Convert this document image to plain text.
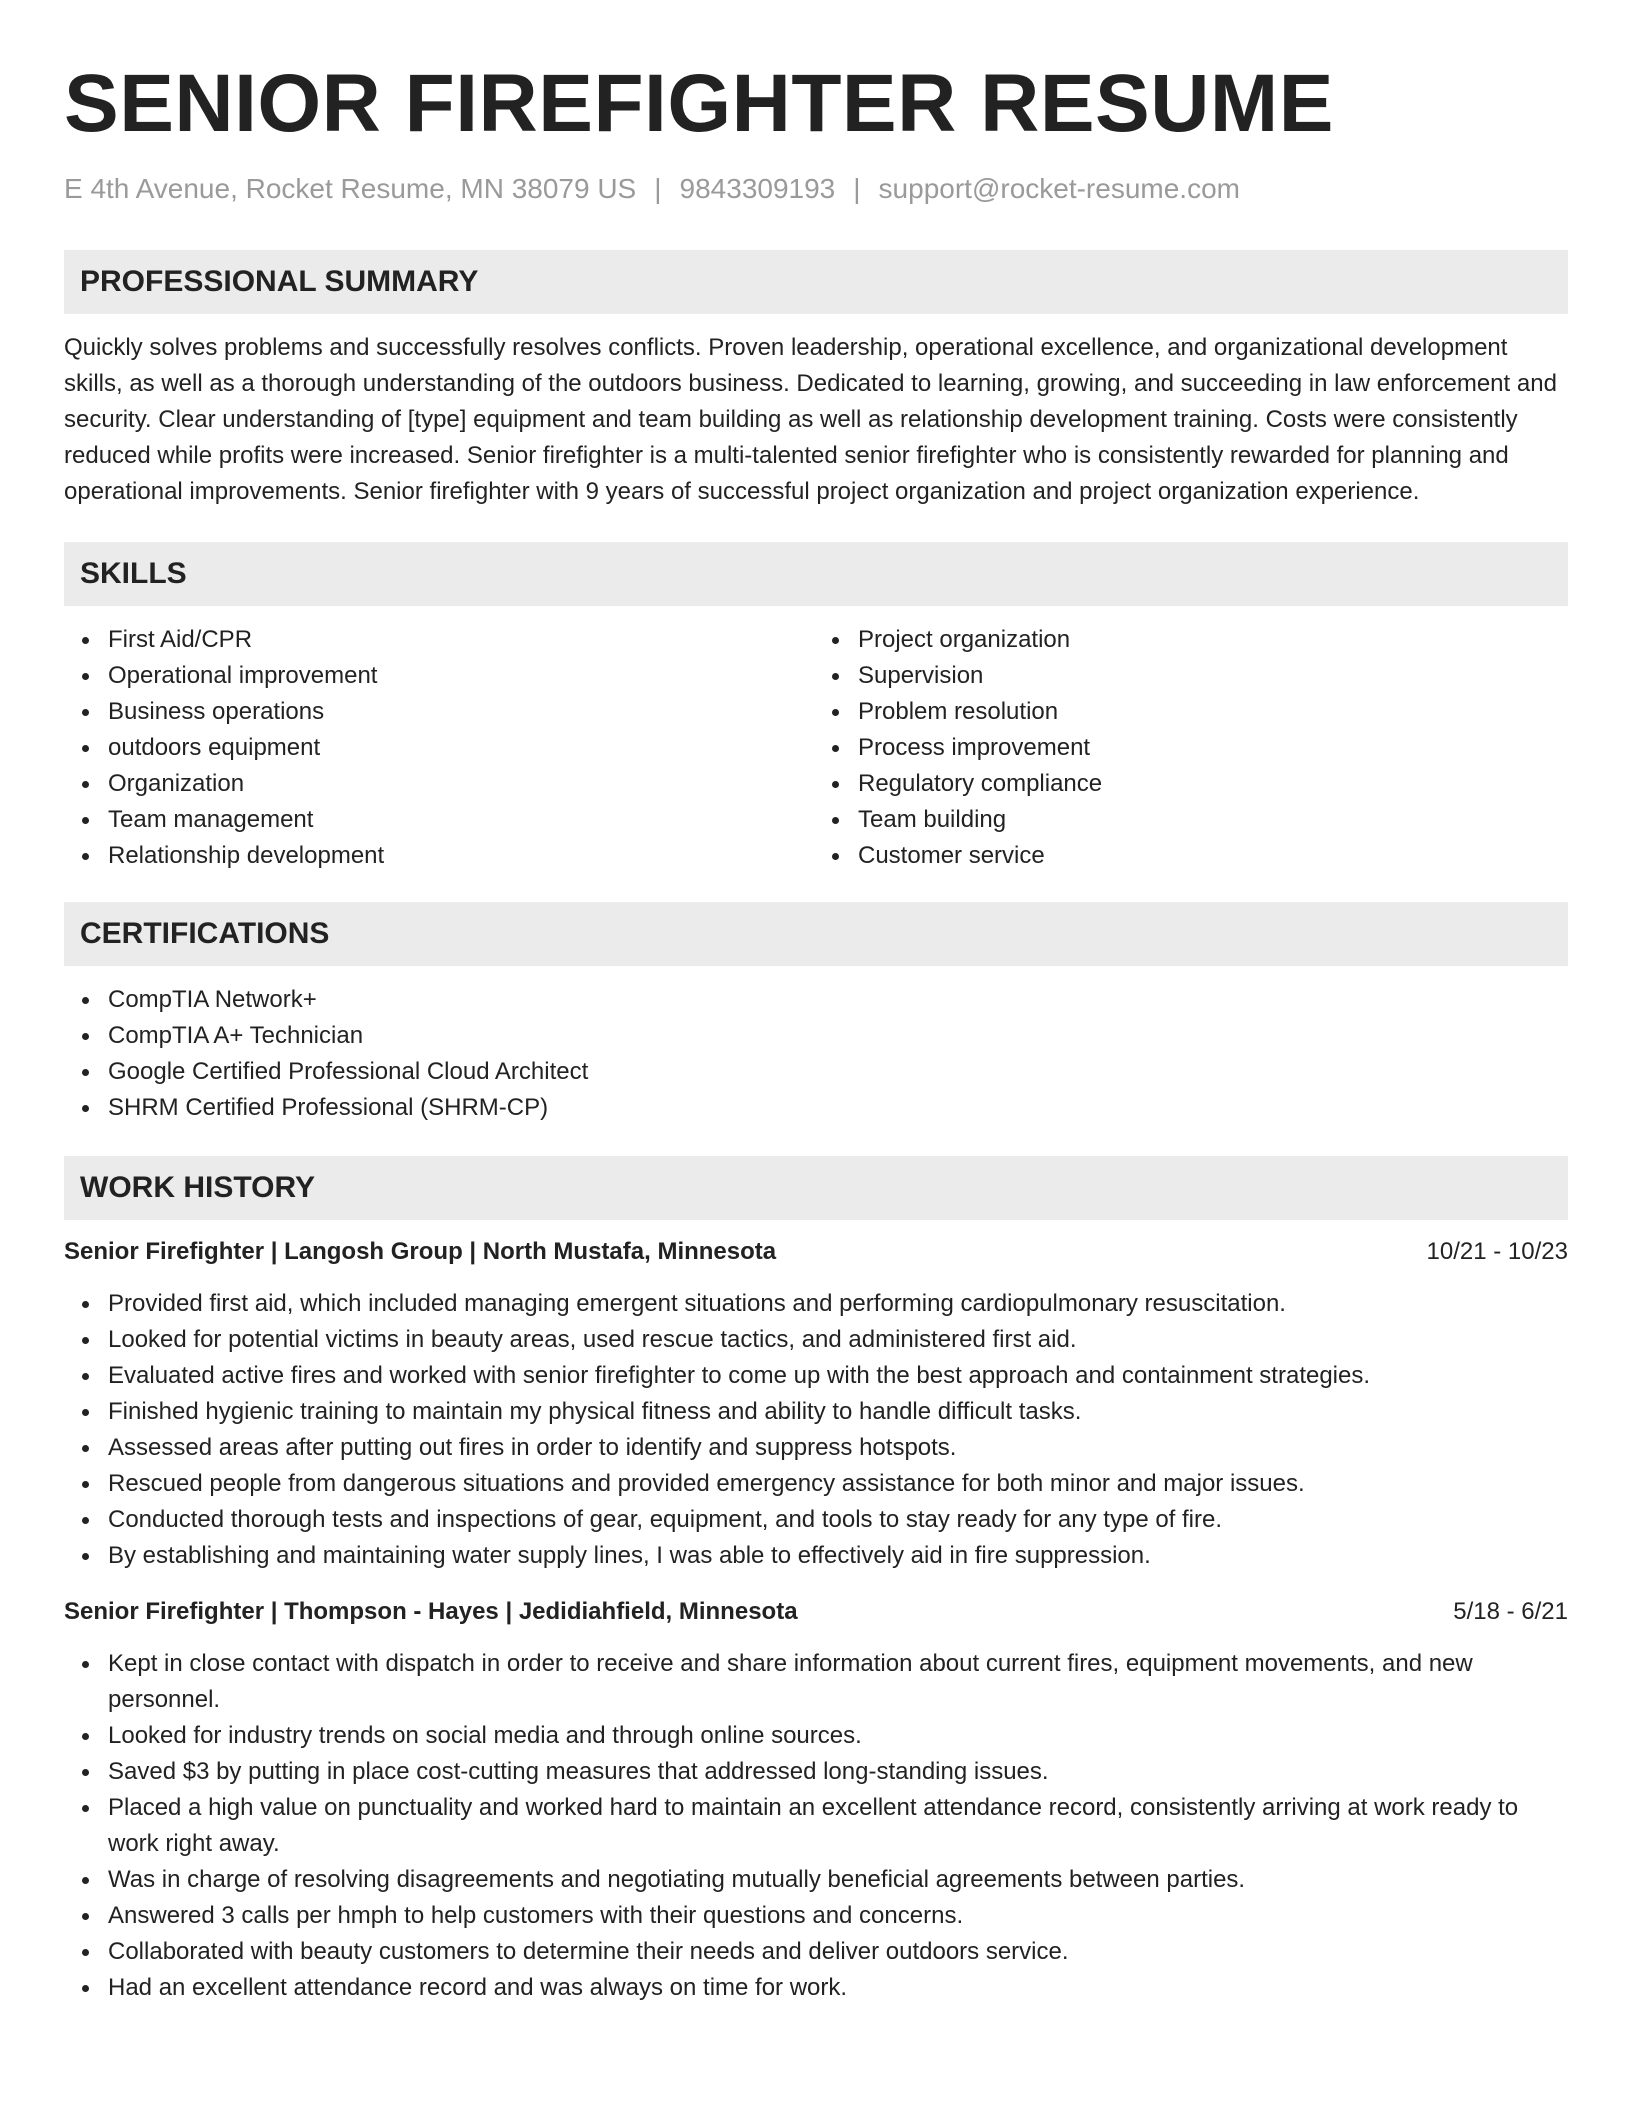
SENIOR FIREFIGHTER RESUME
E 4th Avenue, Rocket Resume, MN 38079 US | 9843309193 | support@rocket-resume.com
PROFESSIONAL SUMMARY

Quickly solves problems and successfully resolves conflicts. Proven leadership, operational excellence, and organizational development skills, as well as a thorough understanding of the outdoors business. Dedicated to learning, growing, and succeeding in law enforcement and security. Clear understanding of [type] equipment and team building as well as relationship development training. Costs were consistently reduced while profits were increased. Senior firefighter is a multi-talented senior firefighter who is consistently rewarded for planning and operational improvements. Senior firefighter with 9 years of successful project organization and project organization experience.

SKILLS
First Aid/CPR
Operational improvement
Business operations
outdoors equipment
Organization
Team management
Relationship development
Project organization
Supervision
Problem resolution
Process improvement
Regulatory compliance
Team building
Customer service
CERTIFICATIONS
CompTIA Network+
CompTIA A+ Technician
Google Certified Professional Cloud Architect
SHRM Certified Professional (SHRM-CP)
WORK HISTORY
Senior Firefighter | Langosh Group | North Mustafa, Minnesota	10/21 - 10/23
Provided first aid, which included managing emergent situations and performing cardiopulmonary resuscitation.
Looked for potential victims in beauty areas, used rescue tactics, and administered first aid.
Evaluated active fires and worked with senior firefighter to come up with the best approach and containment strategies.
Finished hygienic training to maintain my physical fitness and ability to handle difficult tasks.
Assessed areas after putting out fires in order to identify and suppress hotspots.
Rescued people from dangerous situations and provided emergency assistance for both minor and major issues.
Conducted thorough tests and inspections of gear, equipment, and tools to stay ready for any type of fire.
By establishing and maintaining water supply lines, I was able to effectively aid in fire suppression.
Senior Firefighter | Thompson - Hayes | Jedidiahfield, Minnesota	5/18 - 6/21
Kept in close contact with dispatch in order to receive and share information about current fires, equipment movements, and new personnel.
Looked for industry trends on social media and through online sources.
Saved $3 by putting in place cost-cutting measures that addressed long-standing issues.
Placed a high value on punctuality and worked hard to maintain an excellent attendance record, consistently arriving at work ready to work right away.
Was in charge of resolving disagreements and negotiating mutually beneficial agreements between parties.
Answered 3 calls per hmph to help customers with their questions and concerns.
Collaborated with beauty customers to determine their needs and deliver outdoors service.
Had an excellent attendance record and was always on time for work.
